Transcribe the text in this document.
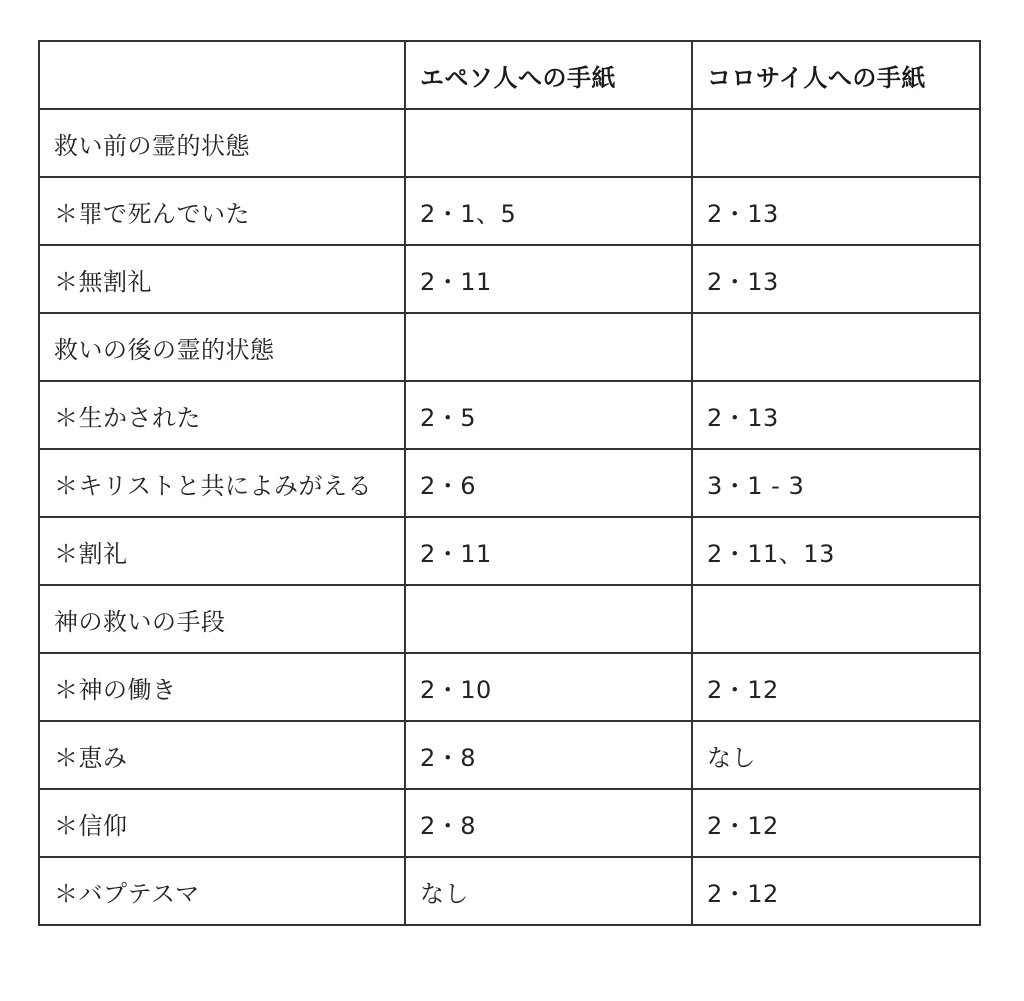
	エペソ人への手紙	コロサイ人への手紙
救い前の霊的状態		
＊罪で死んでいた	2・1、5	2・13
＊無割礼	2・11	2・13
救いの後の霊的状態		
＊生かされた	2・5	2・13
＊キリストと共によみがえる	2・6	3・1 - 3
＊割礼	2・11	2・11、13
神の救いの手段		
＊神の働き	2・10	2・12
＊恵み	2・8	なし
＊信仰	2・8	2・12
＊バプテスマ	なし	2・12
